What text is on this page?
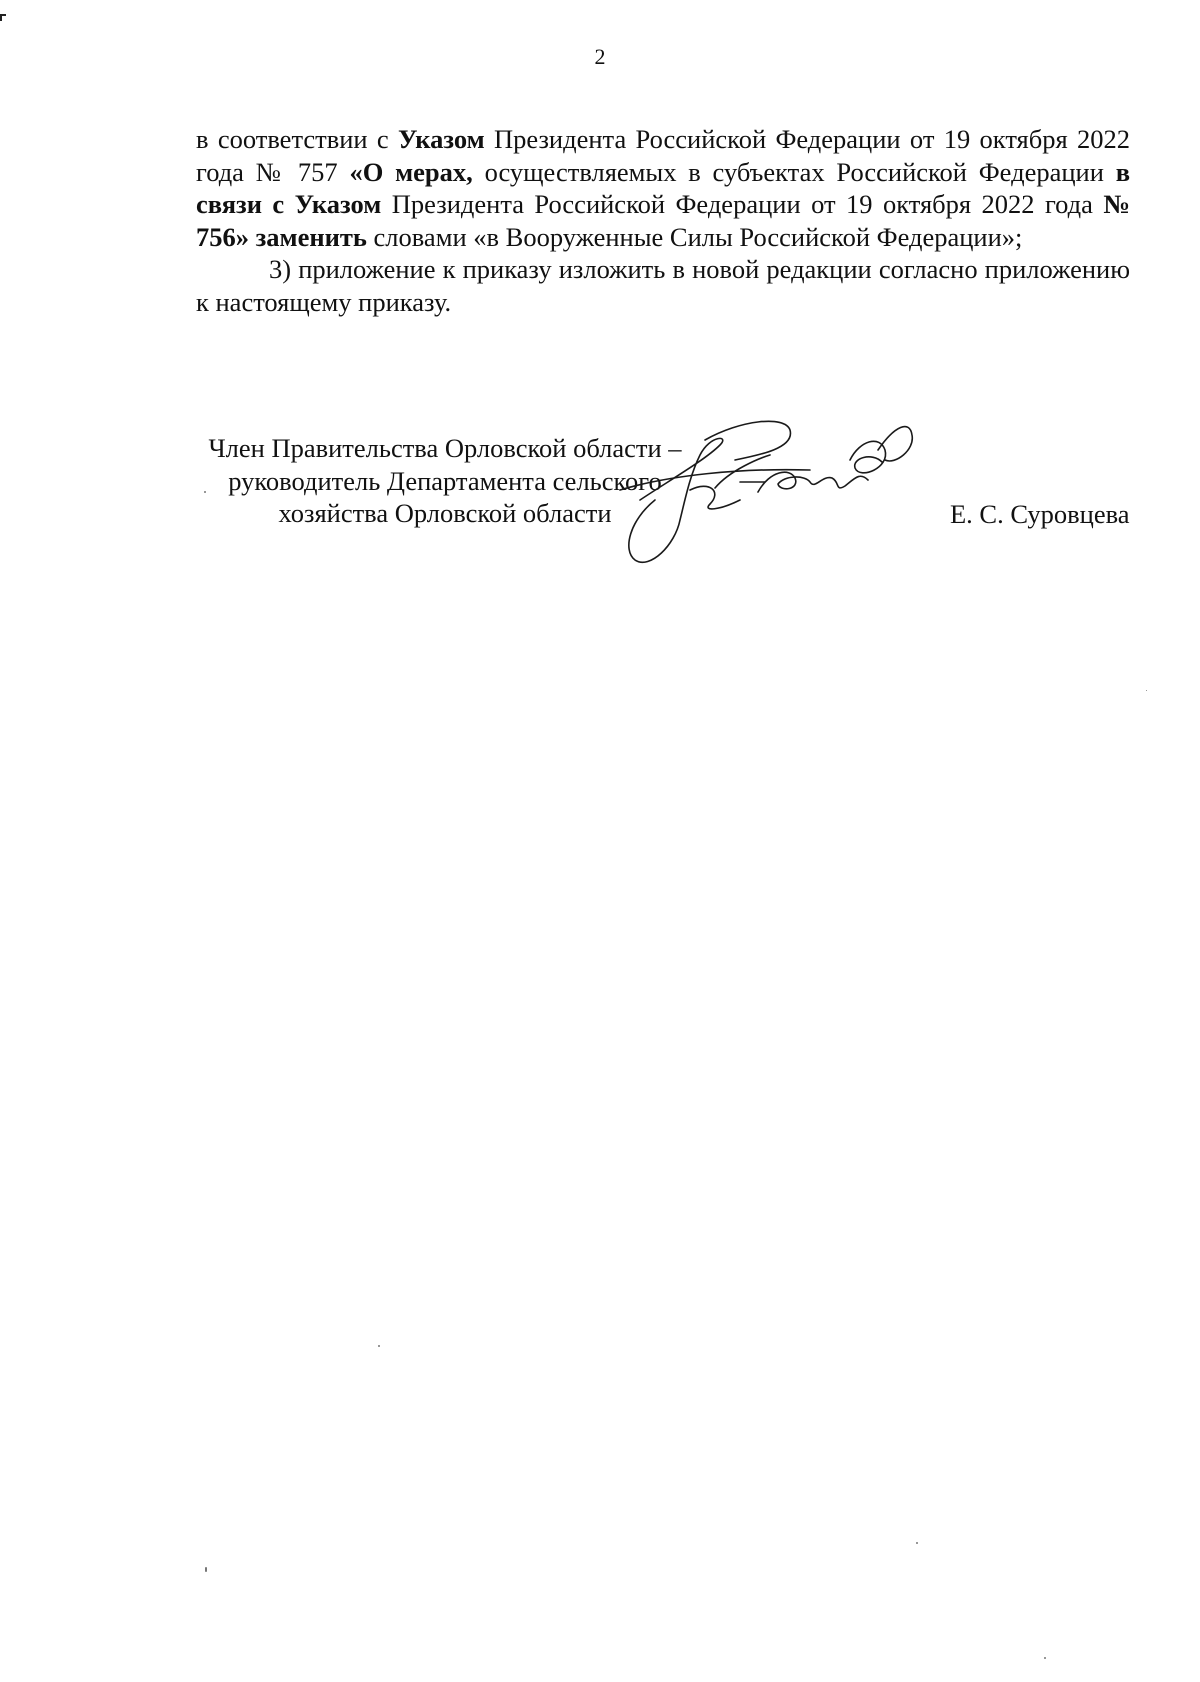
2

в соответствии с Указом Президента Российской Федерации от 19 октября 2022 года № 757 «О мерах, осуществляемых в субъектах Российской Федерации в связи с Указом Президента Российской Федерации от 19 октября 2022 года № 756» заменить словами «в Вооруженные Силы Российской Федерации»;

3) приложение к приказу изложить в новой редакции согласно приложению к настоящему приказу.

Член Правительства Орловской области –
руководитель Департамента сельского
хозяйства Орловской области	Е. С. Суровцева
